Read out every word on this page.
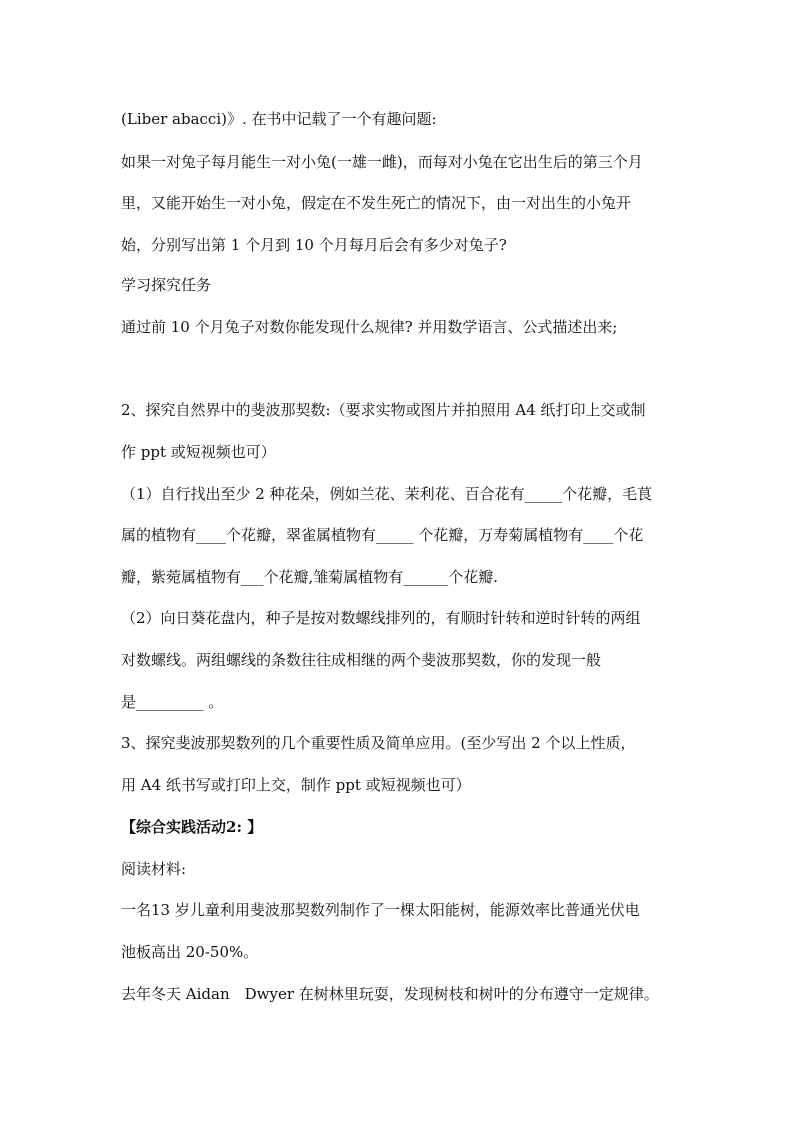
(Liber abacci)》. 在书中记载了一个有趣问题:
如果一对兔子每月能生一对小兔(一雄一雌)，而每对小兔在它出生后的第三个月
里，又能开始生一对小兔，假定在不发生死亡的情况下，由一对出生的小兔开
始，分别写出第 1 个月到 10 个月每月后会有多少对兔子?
学习探究任务
通过前 10 个月兔子对数你能发现什么规律? 并用数学语言、公式描述出来;
2、探究自然界中的斐波那契数:（要求实物或图片并拍照用 A4 纸打印上交或制
作 ppt 或短视频也可）
（1）自行找出至少 2 种花朵，例如兰花、茉利花、百合花有_____个花瓣，毛茛
属的植物有____个花瓣，翠雀属植物有_____ 个花瓣，万寿菊属植物有____个花
瓣，紫菀属植物有___个花瓣,雏菊属植物有______个花瓣.
（2）向日葵花盘内，种子是按对数螺线排列的，有顺时针转和逆时针转的两组
对数螺线。两组螺线的条数往往成相继的两个斐波那契数，你的发现一般
是_________ 。
3、探究斐波那契数列的几个重要性质及简单应用。(至少写出 2 个以上性质，
用 A4 纸书写或打印上交，制作 ppt 或短视频也可）
【综合实践活动2: 】
阅读材料:
一名13 岁儿童利用斐波那契数列制作了一棵太阳能树，能源效率比普通光伏电
池板高出 20-50%。
去年冬天 Aidan　Dwyer 在树林里玩耍，发现树枝和树叶的分布遵守一定规律。
